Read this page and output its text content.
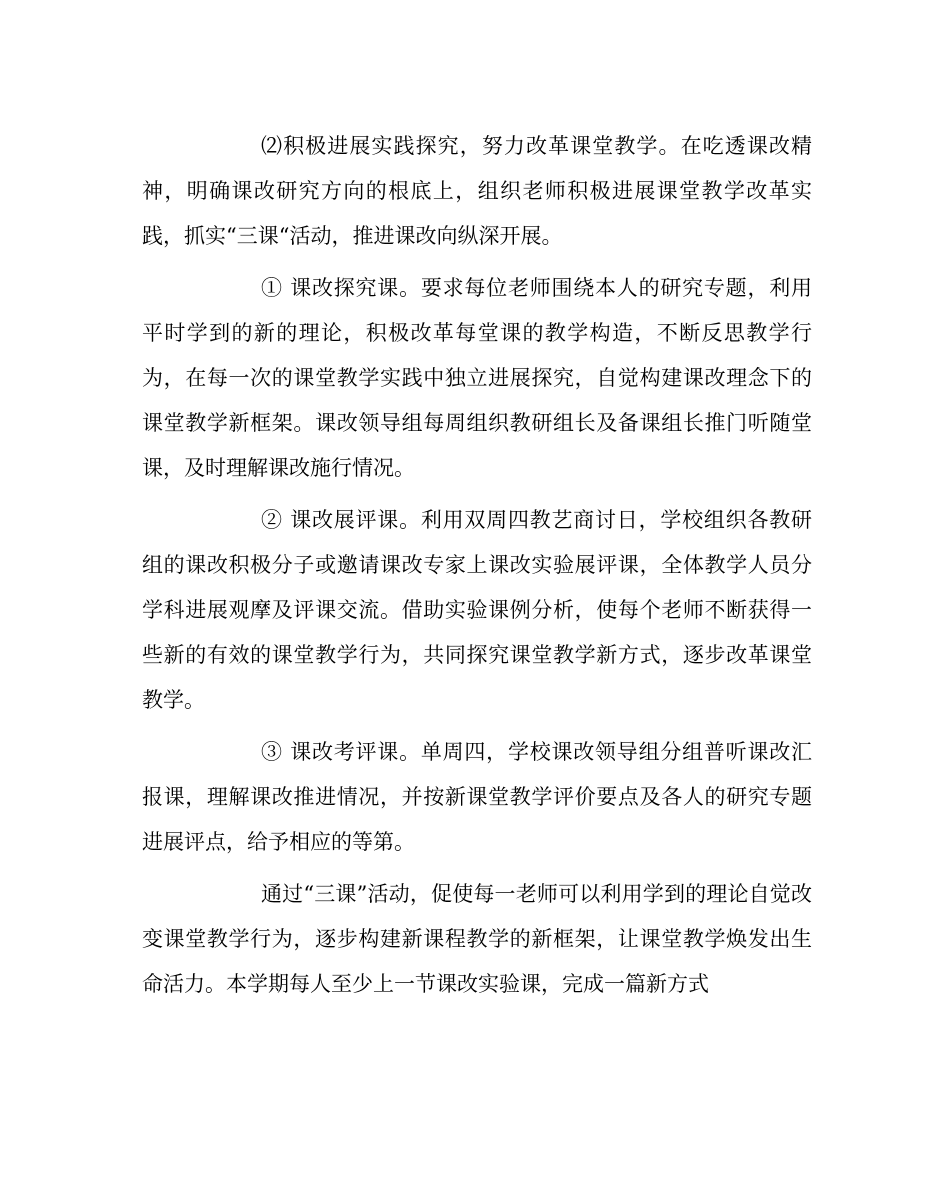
⑵积极进展实践探究，努力改革课堂教学。在吃透课改精神，明确课改研究方向的根底上，组织老师积极进展课堂教学改革实践，抓实“三课“活动，推进课改向纵深开展。

① 课改探究课。要求每位老师围绕本人的研究专题，利用平时学到的新的理论，积极改革每堂课的教学构造，不断反思教学行为，在每一次的课堂教学实践中独立进展探究，自觉构建课改理念下的课堂教学新框架。课改领导组每周组织教研组长及备课组长推门听随堂课，及时理解课改施行情况。

② 课改展评课。利用双周四教艺商讨日，学校组织各教研组的课改积极分子或邀请课改专家上课改实验展评课，全体教学人员分学科进展观摩及评课交流。借助实验课例分析，使每个老师不断获得一些新的有效的课堂教学行为，共同探究课堂教学新方式，逐步改革课堂教学。

③ 课改考评课。单周四，学校课改领导组分组普听课改汇报课，理解课改推进情况，并按新课堂教学评价要点及各人的研究专题进展评点，给予相应的等第。

通过“三课”活动，促使每一老师可以利用学到的理论自觉改变课堂教学行为，逐步构建新课程教学的新框架，让课堂教学焕发出生命活力。本学期每人至少上一节课改实验课，完成一篇新方式
